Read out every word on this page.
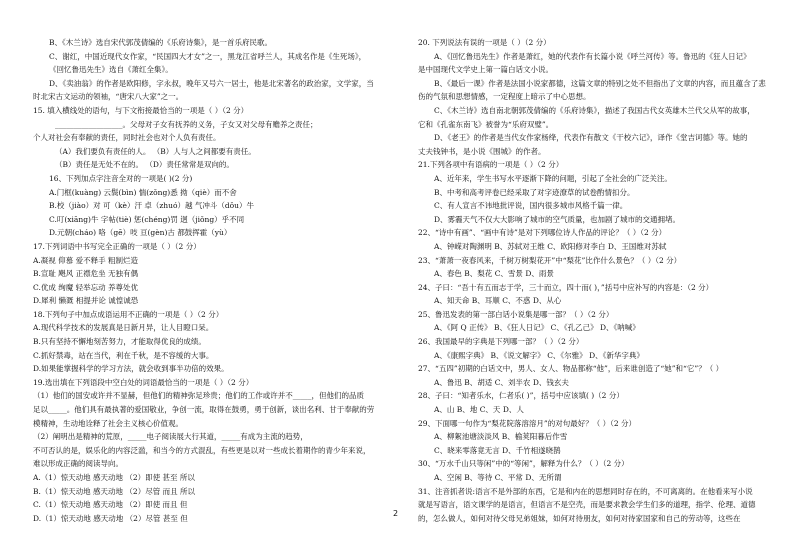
B、《木兰诗》选自宋代郭茂倩编的《乐府诗集》，是一首乐府民歌。
C、谢红，中国近现代女作家，“民国四大才女”之一，黑龙江省呼兰人，其成名作是《生死场》，
《回忆鲁迅先生》选自《萧红全集》。
D、《卖油翁》的作者是欧阳修，字永叔，晚年又号六一居士，他是北宋著名的政治家，文学家，当
时北宋古文运动的领袖，“唐宋八大家”之一。
15. 填入横线处的语句，与下文衔接最恰当的一项是（ ）（2 分）
__________________。父母对子女有抚养的义务，子女又对父母有赡养之责任；
个人对社会有奉献的责任，同时社会也对个人负有责任。
（A）我们要负有责任的人。 （B）人与人之间都要有责任。
（B）责任是无处不在的。 （D）责任常常是双向的。
16、下列加点字注音全对的一项是( )(2 分)
A.门框(kuàng) 云鬓(bìn) 惴(zǒng)悉 拗（qiè）而不舍
B.校（jiào）对 可（kè）汗 卓（zhuó）越 气冲斗（dǒu）牛
C.叮(xiāng)牛 字帖(tiè) 惩(chéng)罚 迥（jiǒng）乎不同
D.元朝(cháo) 咯（gē）吱 亘(gèn)古 都鼓挥霍（yù）
17.下列词语中书写完全正确的一项是（ ）（2 分）
A.凝视 仰慕 爱不释手 粗制烂造
B.宣耻 飓风 正襟危坐 无独有偶
C.优成 绚魔 轻举忘动 养尊处优
D.犀利 懒溉 相提并论 诚惶诚恐
18.下列句子中加点成语运用不正确的一项是（ ）（2 分）
A.现代科学技术的发展真是日新月异，让人目瞪口呆。
B.只有坚持不懈地刻苦努力，才能取得优良的成绩。
C.抓好禁毒，站在当代，利在千秋，是不容缓的大事。
D.如果能掌握科学的学习方法，就会收到事半功倍的效果。
19.选出填在下列语段中空白处的词语最恰当的一项是（ ）（2 分）
（1）他们的国安或许并不显赫，但他们的精神弥足珍贵；他们的工作或许并不_____，但他们的品质
足以_____。他们具有最执著的爱国敬业，争创一流，取得在鼓勇，勇于创新，谈出名利、甘于奉献的劳
模精神，生动地诠释了社会主义核心价值观。
（2）阐明出是精神的荒原，_____电子阅读展大行其道，_____有成为主流的趋势，
不可否认的是，娱乐化的内容泛滥，和当今的方式混乱，有些更是以对一些成长着期作的青少年来说，
难以形成正确的阅读导向。
A.（1）惊天动地 感天动地 （2）即使 甚至 所以
B.（1）惊天动地 感天动地 （2）尽管 而且 所以
C.（1）惊天动地 感天动地 （2）即使 而且 但
D.（1）惊天动地 感天动地 （2）尽管 甚至 但
20. 下列说法有误的一项是（ ）（2 分）
A、《回忆鲁迅先生》作者是萧红，她的代表作有长篇小说《呼兰河传》等。鲁迅的《狂人日记》
是中国现代文学史上第一篇白话文小说。
B、《最后一课》作者是法国小说家都德，这篇文章的特别之处不但指出了文章的内容，而且蕴含了悲
伤的气氛和思想情感，一定程度上暗示了中心思想。
C、《木兰诗》选自南北朝郭茂倩编的《乐府诗集》，描述了我国古代女英雄木兰代父从军的故事，
它和《孔雀东南飞》被誉为“乐府双璧”。
D、《老王》的作者是当代女作家杨绛，代表作有散文《干校六记》，译作《堂吉诃德》等。她的
丈夫钱钟书，是小说《围城》的作者。
21.下列各项中有语病的一项是（ ）（2 分）
A、近年来，学生书写水平逐渐下降的问题，引起了全社会的广泛关注。
B、中考和高考评卷已经采取了对字迹潦草的试卷酌情扣分。
C、有人宣言不讳地批评说，国内很多城市风格千篇一律。
D、雾霾天气不仅大大影响了城市的空气质量，也加剧了城市的交通拥堵。
22、“诗中有画”、“画中有诗”是对下列哪位诗人作品的评论？（ ）（2 分）
A、钟嵘对陶渊明 B、苏轼对王维 C、欧阳修对李白 D、王国维对苏轼
23、“萧萧一夜春风来，千树万树梨花开”中“梨花”比作什么景色？（ ）（2 分）
A、春色 B、梨花 C、雪景 D、雨景
24、子曰：“吾十有五而志于学，三十而立，四十而( )，”括号中应补写的内容是：（2 分）
A、知天命 B、耳顺 C、不惑 D、从心
25、鲁迅发表的第一部白话小说集是哪一部？（ ）（2 分）
A、《阿 Q 正传》 B、《狂人日记》 C、《孔乙己》 D、《呐喊》
26、我国最早的字典是下列哪一部？（ ）（2 分）
A、《康熙字典》 B、《说文解字》 C、《尔雅》 D、《新华字典》
27、“五四”初期的白话文中，男人、女人、物品都称“他”，后来谁创造了“她”和“它”？（ ）
A、鲁迅 B、胡适 C、刘半农 D、钱玄夫
28、子曰：“知者乐水，仁者乐( )”，括号中应该填( )（2 分）
A、山 B、地 C、天 D、人
29、下面哪一句作为“梨花院落溶溶月”的对句最好？（ ）（2 分）
A、柳絮池塘淡淡风 B、榆荚阳暮后作雪
C、晓来零落竟无言 D、千竹相遂晓鹊
30、“万水千山只等闲”中的“等闲”，解释为什么？（ ）（2 分）
A、空闲 B、等待 C、平常 D、无所谓
31、注音抓者说:语言不是外部的东西，它是和内在的思想同时存在的，不可离离的。在他看来写小说
就是写语言，语文课学的是语言，但语言不是空壳，而是要求教会学生们多的道理，指学、伦理、道德
的，怎么做人，如何对待父母兄弟姐妹，如何对待朋友，如何对待家国家和自己的劳动等，这些在
2
